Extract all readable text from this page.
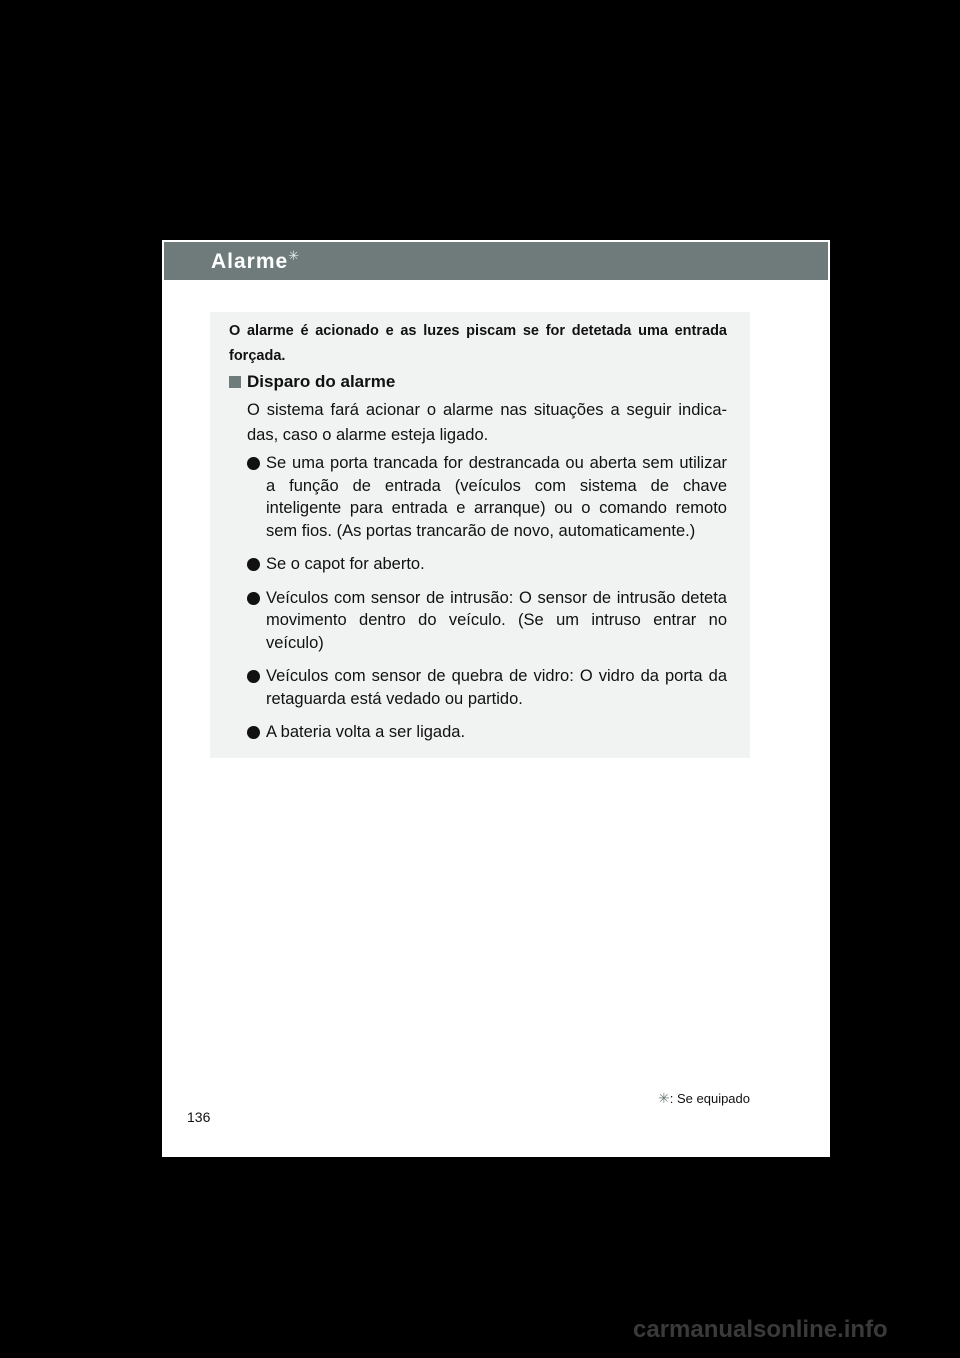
Alarme✳
O alarme é acionado e as luzes piscam se for detetada uma entrada forçada.
Disparo do alarme
O sistema fará acionar o alarme nas situações a seguir indica-das, caso o alarme esteja ligado.
Se uma porta trancada for destrancada ou aberta sem utilizar a função de entrada (veículos com sistema de chave inteligente para entrada e arranque) ou o comando remoto sem fios. (As portas trancarão de novo, automaticamente.)
Se o capot for aberto.
Veículos com sensor de intrusão: O sensor de intrusão deteta movimento dentro do veículo. (Se um intruso entrar no veículo)
Veículos com sensor de quebra de vidro: O vidro da porta da retaguarda está vedado ou partido.
A bateria volta a ser ligada.
✳: Se equipado
136
carmanualsonline.info
